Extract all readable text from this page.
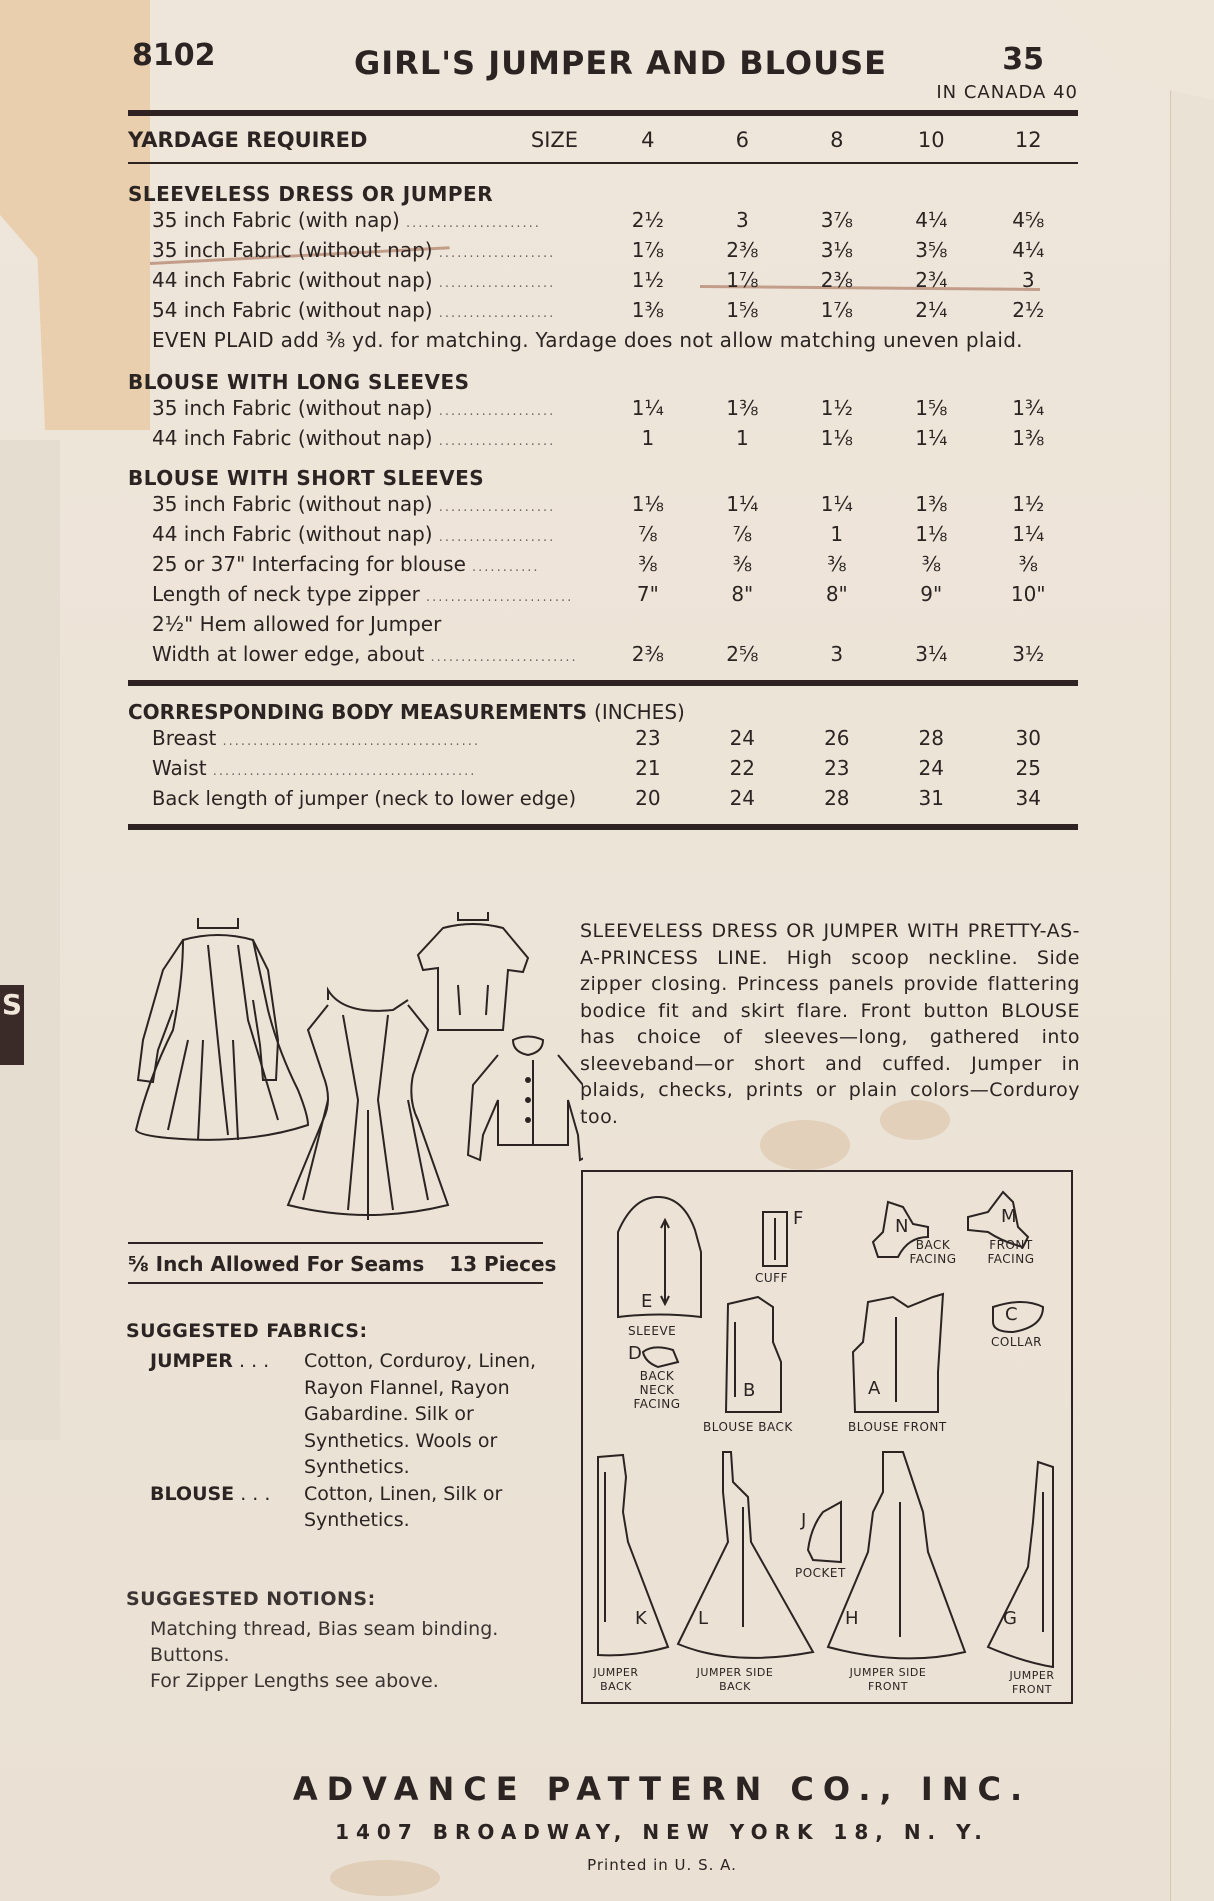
S
8102	GIRL'S JUMPER AND BLOUSE	35
IN CANADA 40
YARDAGE REQUIRED	SIZE	4	6	8	10	12
SLEEVELESS DRESS OR JUMPER
35 inch Fabric (with nap) ......................	2½	3	3⅞	4¼	4⅝
35 inch Fabric (without nap) ...................	1⅞	2⅜	3⅛	3⅝	4¼
44 inch Fabric (without nap) ...................	1½	1⅞	2⅜	2¾	3
54 inch Fabric (without nap) ...................	1⅜	1⅝	1⅞	2¼	2½
EVEN PLAID add ⅜ yd. for matching. Yardage does not allow matching uneven plaid.
BLOUSE WITH LONG SLEEVES
35 inch Fabric (without nap) ...................	1¼	1⅜	1½	1⅝	1¾
44 inch Fabric (without nap) ...................	1	1	1⅛	1¼	1⅜
BLOUSE WITH SHORT SLEEVES
35 inch Fabric (without nap) ...................	1⅛	1¼	1¼	1⅜	1½
44 inch Fabric (without nap) ...................	⅞	⅞	1	1⅛	1¼
25 or 37" Interfacing for blouse ...........	⅜	⅜	⅜	⅜	⅜
Length of neck type zipper ........................	7"	8"	8"	9"	10"
2½" Hem allowed for Jumper
Width at lower edge, about ........................	2⅜	2⅝	3	3¼	3½
CORRESPONDING BODY MEASUREMENTS (INCHES)
Breast ..........................................	23	24	26	28	30
Waist ...........................................	21	22	23	24	25
Back length of jumper (neck to lower edge)	20	24	28	31	34
⅝ Inch Allowed For Seams 13 Pieces
SLEEVELESS DRESS OR JUMPER WITH PRETTY-AS-A-PRINCESS LINE. High scoop neckline. Side zipper closing. Princess panels provide flattering bodice fit and skirt flare. Front button BLOUSE has choice of sleeves—long, gathered into sleeveband—or short and cuffed. Jumper in plaids, checks, prints or plain colors—Corduroy too.
SUGGESTED FABRICS:
JUMPER . . .	Cotton, Corduroy, Linen, Rayon Flannel, Rayon Gabardine. Silk or Synthetics. Wools or Synthetics.
BLOUSE . . .	Cotton, Linen, Silk or Synthetics.
SUGGESTED NOTIONS:
Matching thread, Bias seam binding.
Buttons.
For Zipper Lengths see above.
E
SLEEVE
F
CUFF
N
BACK FACING
M
FRONT FACING
C
COLLAR
D
BACK NECK FACING
B
BLOUSE BACK
A
BLOUSE FRONT
J
POCKET
K
JUMPER BACK
L
JUMPER SIDE BACK
H
JUMPER SIDE FRONT
G
JUMPER FRONT
ADVANCE PATTERN CO., INC.
1407 BROADWAY, NEW YORK 18, N. Y.
Printed in U. S. A.
